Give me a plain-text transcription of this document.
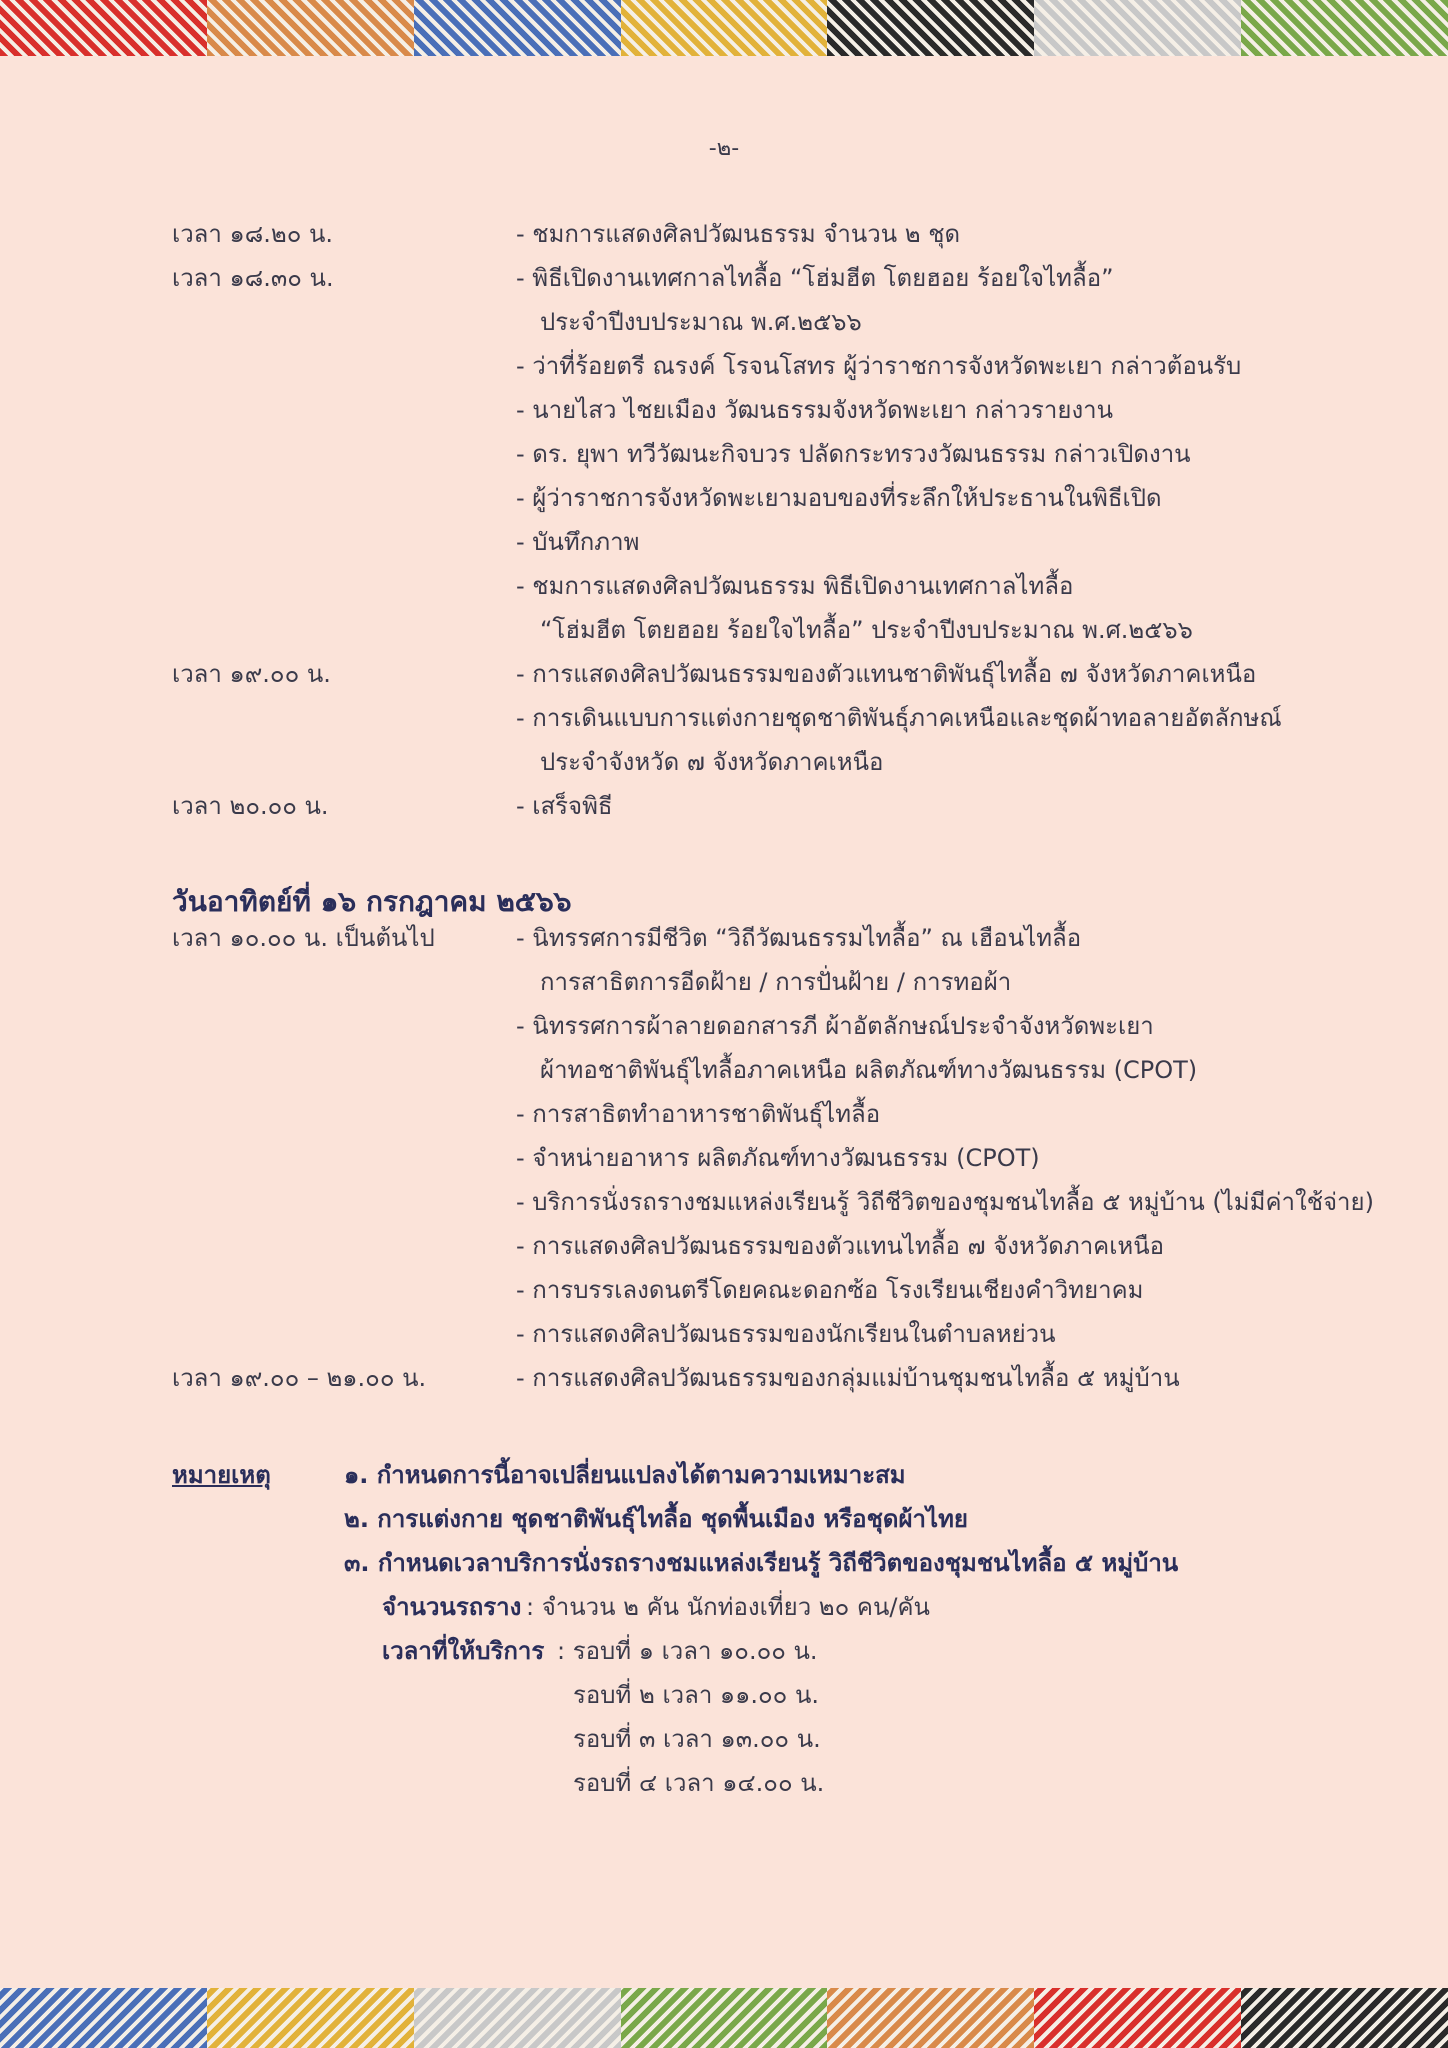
-๒-
เวลา ๑๘.๒๐ น.	- ชมการแสดงศิลปวัฒนธรรม จำนวน ๒ ชุด
เวลา ๑๘.๓๐ น.	- พิธีเปิดงานเทศกาลไทลื้อ “โฮ่มฮีต โตยฮอย ร้อยใจไทลื้อ”
ประจำปีงบประมาณ พ.ศ.๒๕๖๖
- ว่าที่ร้อยตรี ณรงค์ โรจนโสทร ผู้ว่าราชการจังหวัดพะเยา กล่าวต้อนรับ
- นายไสว ไชยเมือง วัฒนธรรมจังหวัดพะเยา กล่าวรายงาน
- ดร. ยุพา ทวีวัฒนะกิจบวร ปลัดกระทรวงวัฒนธรรม กล่าวเปิดงาน
- ผู้ว่าราชการจังหวัดพะเยามอบของที่ระลึกให้ประธานในพิธีเปิด
- บันทึกภาพ
- ชมการแสดงศิลปวัฒนธรรม พิธีเปิดงานเทศกาลไทลื้อ
“โฮ่มฮีต โตยฮอย ร้อยใจไทลื้อ” ประจำปีงบประมาณ พ.ศ.๒๕๖๖
เวลา ๑๙.๐๐ น.	- การแสดงศิลปวัฒนธรรมของตัวแทนชาติพันธุ์ไทลื้อ ๗ จังหวัดภาคเหนือ
- การเดินแบบการแต่งกายชุดชาติพันธุ์ภาคเหนือและชุดผ้าทอลายอัตลักษณ์
ประจำจังหวัด ๗ จังหวัดภาคเหนือ
เวลา ๒๐.๐๐ น.	- เสร็จพิธี
วันอาทิตย์ที่ ๑๖ กรกฎาคม ๒๕๖๖
เวลา ๑๐.๐๐ น. เป็นต้นไป	- นิทรรศการมีชีวิต “วิถีวัฒนธรรมไทลื้อ” ณ เฮือนไทลื้อ
การสาธิตการอีดฝ้าย / การปั่นฝ้าย / การทอผ้า
- นิทรรศการผ้าลายดอกสารภี ผ้าอัตลักษณ์ประจำจังหวัดพะเยา
ผ้าทอชาติพันธุ์ไทลื้อภาคเหนือ ผลิตภัณฑ์ทางวัฒนธรรม (CPOT)
- การสาธิตทำอาหารชาติพันธุ์ไทลื้อ
- จำหน่ายอาหาร ผลิตภัณฑ์ทางวัฒนธรรม (CPOT)
- บริการนั่งรถรางชมแหล่งเรียนรู้ วิถีชีวิตของชุมชนไทลื้อ ๕ หมู่บ้าน (ไม่มีค่าใช้จ่าย)
- การแสดงศิลปวัฒนธรรมของตัวแทนไทลื้อ ๗ จังหวัดภาคเหนือ
- การบรรเลงดนตรีโดยคณะดอกซ้อ โรงเรียนเชียงคำวิทยาคม
- การแสดงศิลปวัฒนธรรมของนักเรียนในตำบลหย่วน
เวลา ๑๙.๐๐ – ๒๑.๐๐ น.	- การแสดงศิลปวัฒนธรรมของกลุ่มแม่บ้านชุมชนไทลื้อ ๕ หมู่บ้าน
หมายเหตุ	๑. กำหนดการนี้อาจเปลี่ยนแปลงได้ตามความเหมาะสม
๒. การแต่งกาย ชุดชาติพันธุ์ไทลื้อ ชุดพื้นเมือง หรือชุดผ้าไทย
๓. กำหนดเวลาบริการนั่งรถรางชมแหล่งเรียนรู้ วิถีชีวิตของชุมชนไทลื้อ ๕ หมู่บ้าน
จำนวนรถราง : จำนวน ๒ คัน นักท่องเที่ยว ๒๐ คน/คัน
เวลาที่ให้บริการ : รอบที่ ๑ เวลา ๑๐.๐๐ น.
รอบที่ ๒ เวลา ๑๑.๐๐ น.
รอบที่ ๓ เวลา ๑๓.๐๐ น.
รอบที่ ๔ เวลา ๑๔.๐๐ น.
